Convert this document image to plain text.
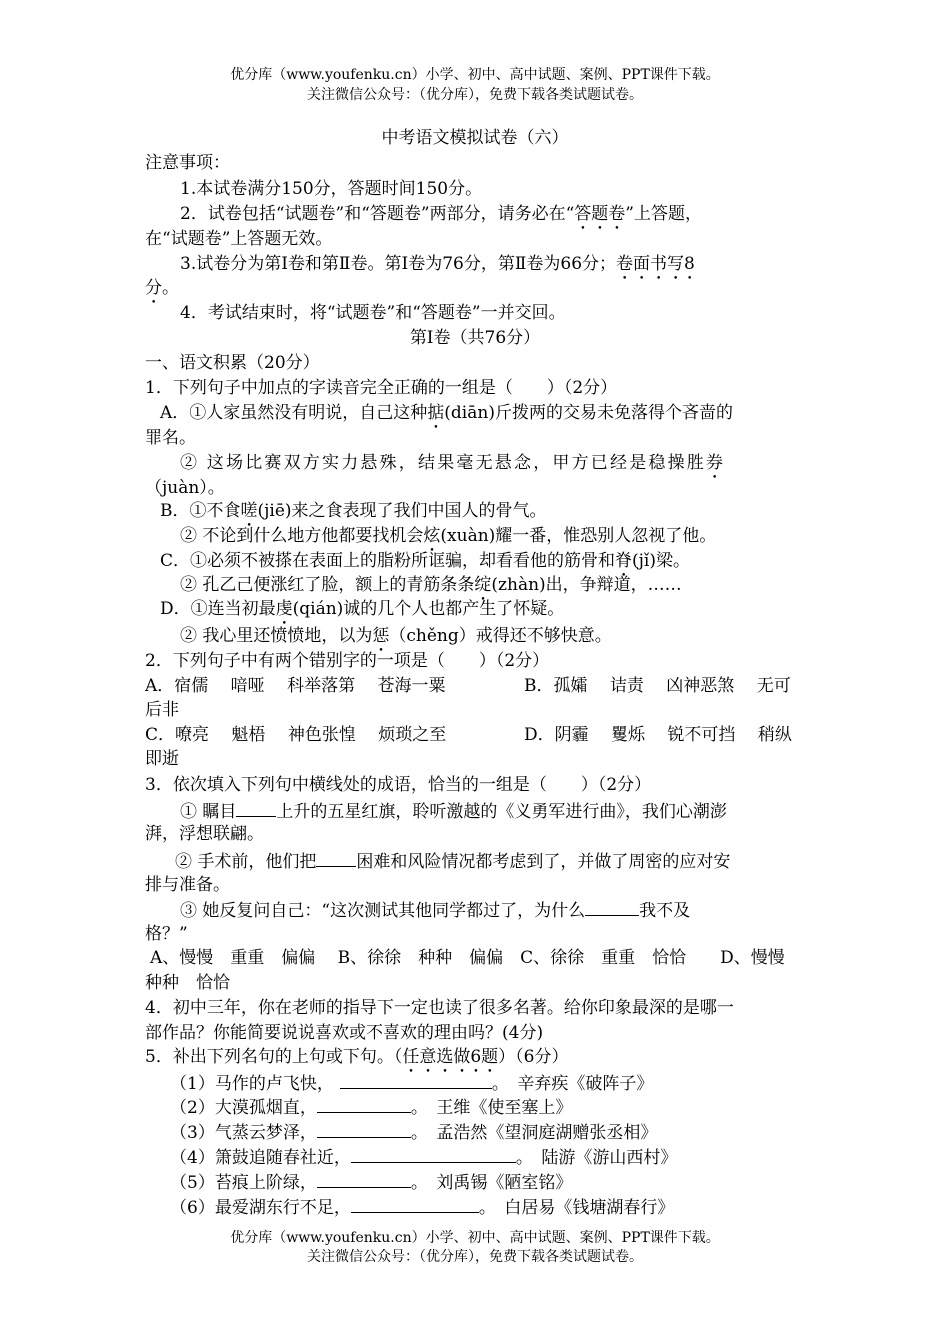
优分库（www.youfenku.cn）小学、初中、高中试题、案例、PPT课件下载。
关注微信公众号：（优分库），免费下载各类试题试卷。
中考语文模拟试卷（六）
注意事项：
1.本试卷满分150分，答题时间150分。
2．试卷包括“试题卷”和“答题卷”两部分，请务必在“答题卷”上答题，
在“试题卷”上答题无效。
3.试卷分为第Ⅰ卷和第Ⅱ卷。第Ⅰ卷为76分，第Ⅱ卷为66分；卷面书写8
分。
4．考试结束时，将“试题卷”和“答题卷”一并交回。
第Ⅰ卷（共76分）
一、语文积累（20分）
1．下列句子中加点的字读音完全正确的一组是（　　）（2分）
A．①人家虽然没有明说，自己这种掂(diān)斤拨两的交易未免落得个吝啬的
罪名。
② 这场比赛双方实力悬殊，结果毫无悬念，甲方已经是稳操胜券
（juàn）。
B．①不食嗟(jiē)来之食表现了我们中国人的骨气。
② 不论到什么地方他都要找机会炫(xuàn)耀一番，惟恐别人忽视了他。
C．①必须不被搽在表面上的脂粉所诓骗，却看看他的筋骨和脊(jǐ)梁。
② 孔乙己便涨红了脸，额上的青筋条条绽(zhàn)出，争辩道，……
D．①连当初最虔(qián)诚的几个人也都产生了怀疑。
② 我心里还愤愤地，以为惩（chěng）戒得还不够快意。
2．下列句子中有两个错别字的一项是（　　）（2分）
A．宿儒　 喑哑　 科举落第　 苍海一粟	B．孤孀　 诘责　 凶神恶煞　 无可
后非
C．嘹亮　 魁梧　 神色张惶　 烦琐之至	D．阴霾　 矍烁　 锐不可挡　 稍纵
即逝
3．依次填入下列句中横线处的成语，恰当的一组是（　　）（2分）
① 瞩目 上升的五星红旗，聆听激越的《义勇军进行曲》，我们心潮澎
湃，浮想联翩。
② 手术前，他们把 困难和风险情况都考虑到了，并做了周密的应对安
排与准备。
③ 她反复问自己：“这次测试其他同学都过了，为什么	我不及
格？”
A、慢慢　重重　偏偏　 B、徐徐　种种　偏偏　C、徐徐　重重　恰恰　　D、慢慢
种种　恰恰
4．初中三年，你在老师的指导下一定也读了很多名著。给你印象最深的是哪一
部作品？你能简要说说喜欢或不喜欢的理由吗？(4分)
5．补出下列名句的上句或下句。（任意选做6题）（6分）
（1）马作的卢飞快，	。　辛弃疾《破阵子》
（2）大漠孤烟直，	。　王维《使至塞上》
（3）气蒸云梦泽，	。　孟浩然《望洞庭湖赠张丞相》
（4）箫鼓追随春社近，	。　陆游《游山西村》
（5）苔痕上阶绿，	。　刘禹锡《陋室铭》
（6）最爱湖东行不足，	。　白居易《钱塘湖春行》
优分库（www.youfenku.cn）小学、初中、高中试题、案例、PPT课件下载。
关注微信公众号：（优分库），免费下载各类试题试卷。
